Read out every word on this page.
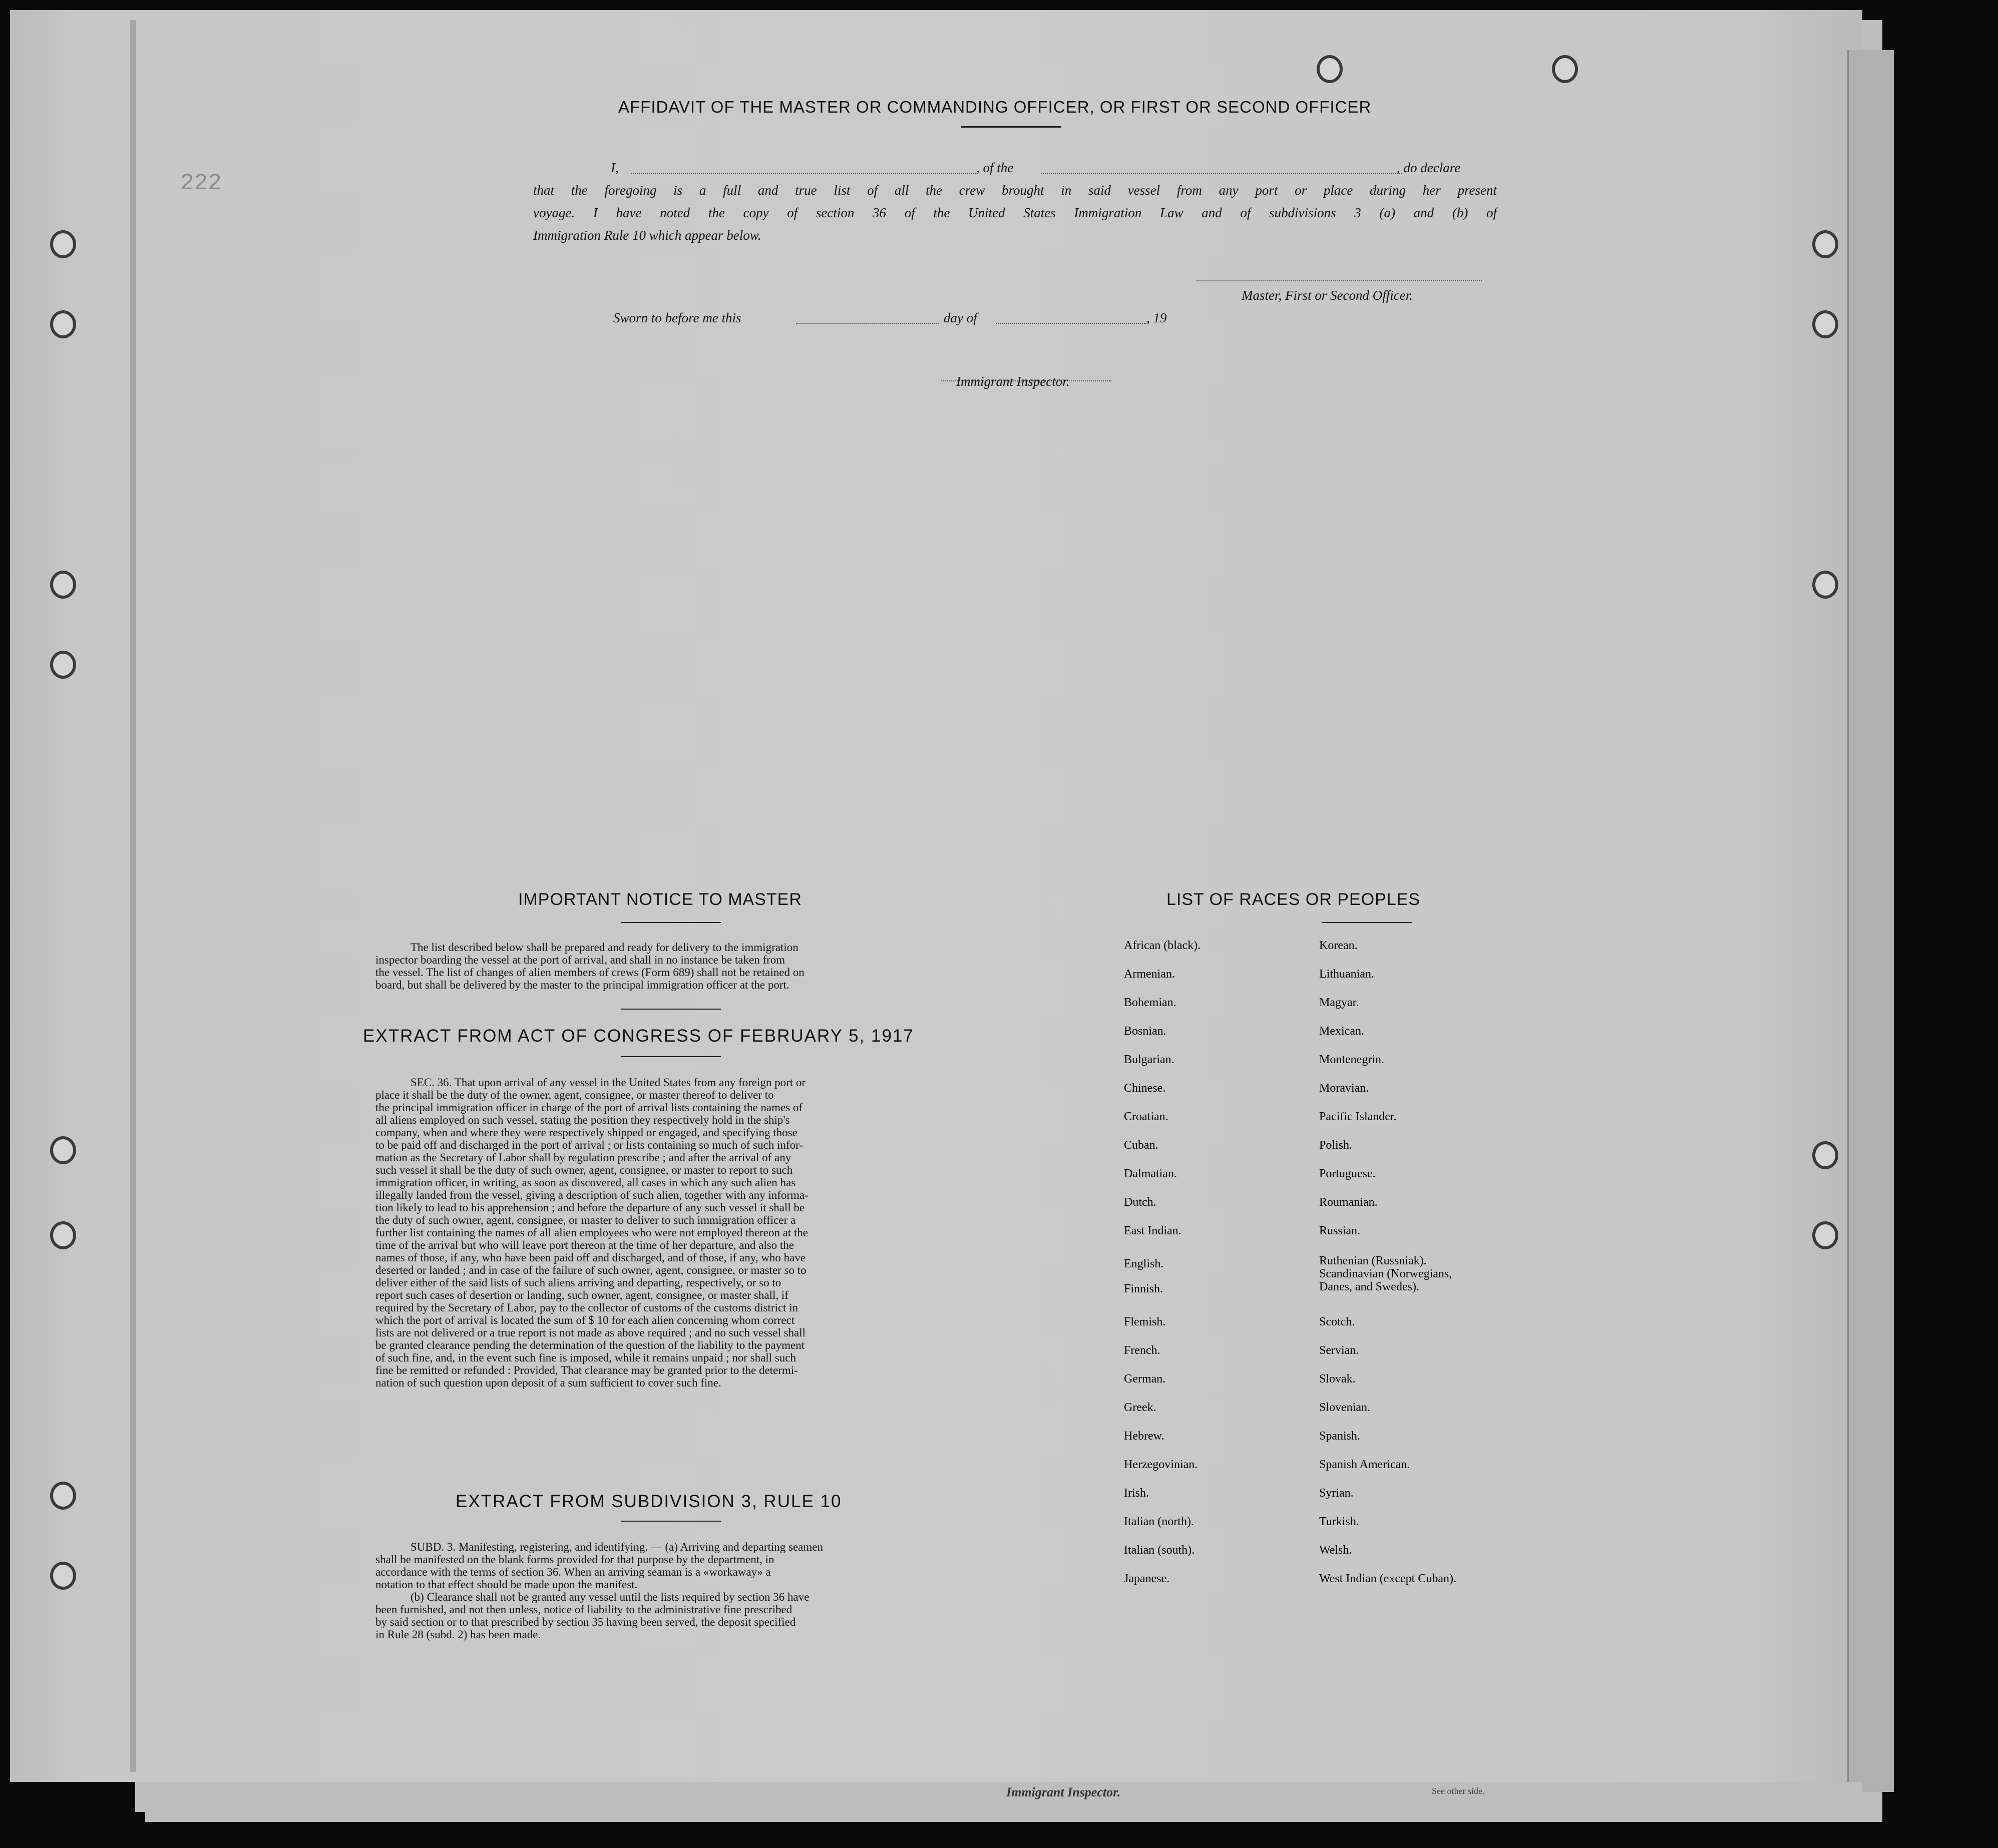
222
AFFIDAVIT OF THE MASTER OR COMMANDING OFFICER, OR FIRST OR SECOND OFFICER
I,	, of the	, do declare
that the foregoing is a full and true list of all the crew brought in said vessel from any port or place during her present
voyage. I have noted the copy of section 36 of the United States Immigration Law and of subdivisions 3 (a) and (b) of
Immigration Rule 10 which appear below.
Master, First or Second Officer.
Sworn to before me this	day of	, 19
Immigrant Inspector.
IMPORTANT NOTICE TO MASTER
The list described below shall be prepared and ready for delivery to the immigration
inspector boarding the vessel at the port of arrival, and shall in no instance be taken from
the vessel. The list of changes of alien members of crews (Form 689) shall not be retained on
board, but shall be delivered by the master to the principal immigration officer at the port.
EXTRACT FROM ACT OF CONGRESS OF FEBRUARY 5, 1917
SEC. 36. That upon arrival of any vessel in the United States from any foreign port or
place it shall be the duty of the owner, agent, consignee, or master thereof to deliver to
the principal immigration officer in charge of the port of arrival lists containing the names of
all aliens employed on such vessel, stating the position they respectively hold in the ship's
company, when and where they were respectively shipped or engaged, and specifying those
to be paid off and discharged in the port of arrival ; or lists containing so much of such infor-
mation as the Secretary of Labor shall by regulation prescribe ; and after the arrival of any
such vessel it shall be the duty of such owner, agent, consignee, or master to report to such
immigration officer, in writing, as soon as discovered, all cases in which any such alien has
illegally landed from the vessel, giving a description of such alien, together with any informa-
tion likely to lead to his apprehension ; and before the departure of any such vessel it shall be
the duty of such owner, agent, consignee, or master to deliver to such immigration officer a
further list containing the names of all alien employees who were not employed thereon at the
time of the arrival but who will leave port thereon at the time of her departure, and also the
names of those, if any, who have been paid off and discharged, and of those, if any, who have
deserted or landed ; and in case of the failure of such owner, agent, consignee, or master so to
deliver either of the said lists of such aliens arriving and departing, respectively, or so to
report such cases of desertion or landing, such owner, agent, consignee, or master shall, if
required by the Secretary of Labor, pay to the collector of customs of the customs district in
which the port of arrival is located the sum of $ 10 for each alien concerning whom correct
lists are not delivered or a true report is not made as above required ; and no such vessel shall
be granted clearance pending the determination of the question of the liability to the payment
of such fine, and, in the event such fine is imposed, while it remains unpaid ; nor shall such
fine be remitted or refunded : Provided, That clearance may be granted prior to the determi-
nation of such question upon deposit of a sum sufficient to cover such fine.
EXTRACT FROM SUBDIVISION 3, RULE 10
SUBD. 3. Manifesting, registering, and identifying. — (a) Arriving and departing seamen
shall be manifested on the blank forms provided for that purpose by the department, in
accordance with the terms of section 36. When an arriving seaman is a «workaway» a
notation to that effect should be made upon the manifest.
(b) Clearance shall not be granted any vessel until the lists required by section 36 have
been furnished, and not then unless, notice of liability to the administrative fine prescribed
by said section or to that prescribed by section 35 having been served, the deposit specified
in Rule 28 (subd. 2) has been made.
LIST OF RACES OR PEOPLES
African (black).
Armenian.
Bohemian.
Bosnian.
Bulgarian.
Chinese.
Croatian.
Cuban.
Dalmatian.
Dutch.
East Indian.
English.
Finnish.
Flemish.
French.
German.
Greek.
Hebrew.
Herzegovinian.
Irish.
Italian (north).
Italian (south).
Japanese.
Korean.
Lithuanian.
Magyar.
Mexican.
Montenegrin.
Moravian.
Pacific Islander.
Polish.
Portuguese.
Roumanian.
Russian.
Ruthenian (Russniak).
Scandinavian (Norwegians,
Danes, and Swedes).
Scotch.
Servian.
Slovak.
Slovenian.
Spanish.
Spanish American.
Syrian.
Turkish.
Welsh.
West Indian (except Cuban).
Immigrant Inspector.	See other side.
